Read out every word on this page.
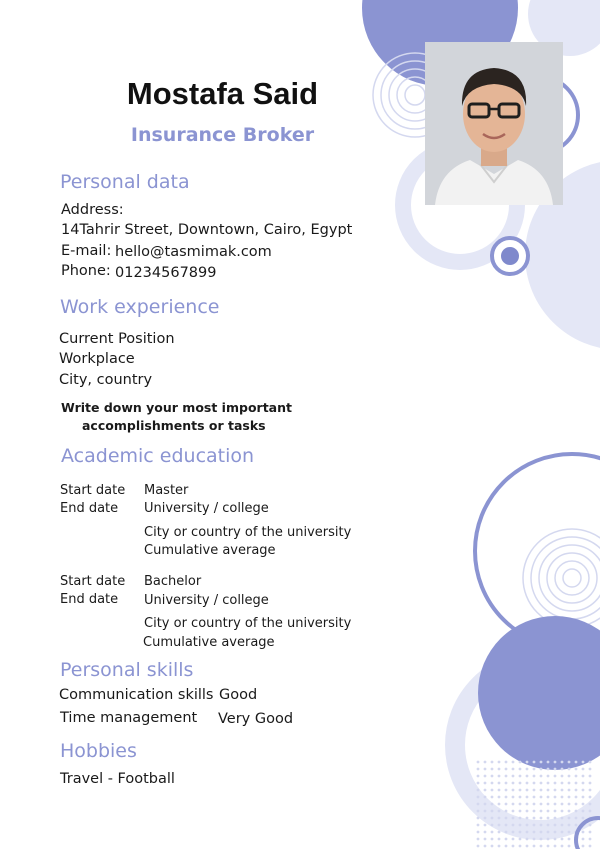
Mostafa Said
Insurance Broker
Personal data
Address:
14Tahrir Street, Downtown, Cairo, Egypt
E-mail: hello@tasmimak.com
Phone: 01234567899
Work experience
Current Position
Workplace
City, country
Write down your most important
accomplishments or tasks
Academic education
Start date
End date
Master
University / college
City or country of the university
Cumulative average
Start date
End date
Bachelor
University / college
City or country of the university
Cumulative average
Personal skills
Communication skills Good
Time management Very Good
Hobbies
Travel - Football
